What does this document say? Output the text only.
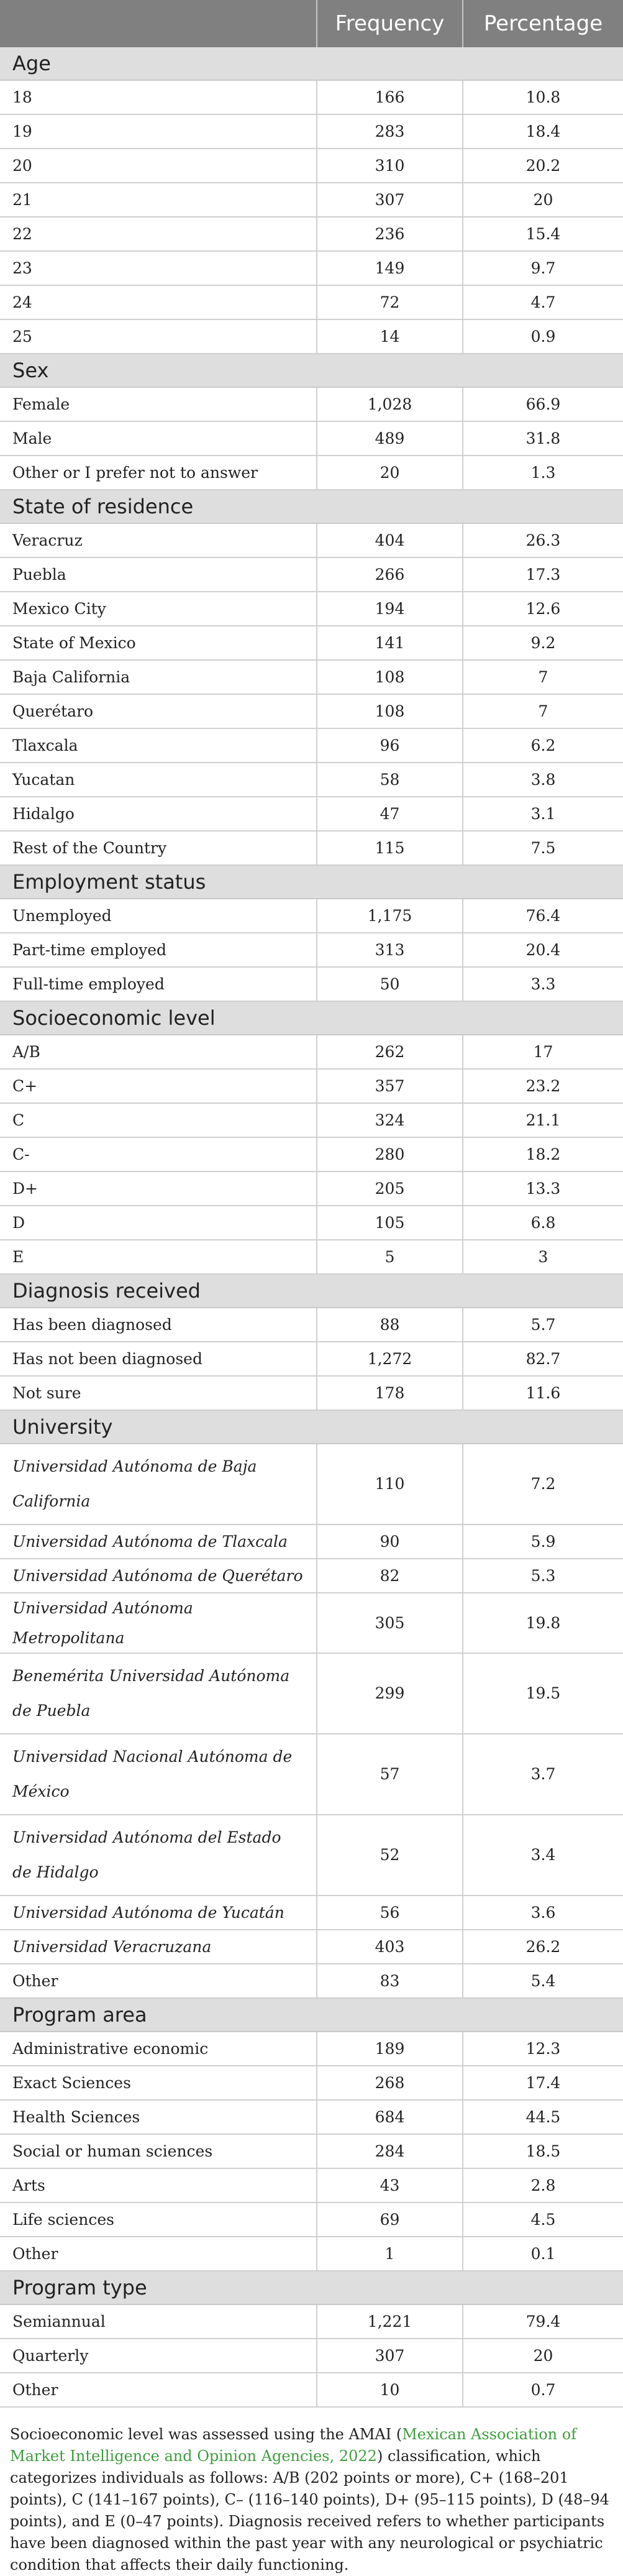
	Frequency	Percentage
Age		
18	166	10.8
19	283	18.4
20	310	20.2
21	307	20
22	236	15.4
23	149	9.7
24	72	4.7
25	14	0.9
Sex		
Female	1,028	66.9
Male	489	31.8
Other or I prefer not to answer	20	1.3
State of residence		
Veracruz	404	26.3
Puebla	266	17.3
Mexico City	194	12.6
State of Mexico	141	9.2
Baja California	108	7
Querétaro	108	7
Tlaxcala	96	6.2
Yucatan	58	3.8
Hidalgo	47	3.1
Rest of the Country	115	7.5
Employment status		
Unemployed	1,175	76.4
Part-time employed	313	20.4
Full-time employed	50	3.3
Socioeconomic level		
A/B	262	17
C+	357	23.2
C	324	21.1
C-	280	18.2
D+	205	13.3
D	105	6.8
E	5	3
Diagnosis received		
Has been diagnosed	88	5.7
Has not been diagnosed	1,272	82.7
Not sure	178	11.6
University		
Universidad Autónoma de Baja California	110	7.2
Universidad Autónoma de Tlaxcala	90	5.9
Universidad Autónoma de Querétaro	82	5.3
Universidad Autónoma Metropolitana	305	19.8
Benemérita Universidad Autónoma de Puebla	299	19.5
Universidad Nacional Autónoma de México	57	3.7
Universidad Autónoma del Estado de Hidalgo	52	3.4
Universidad Autónoma de Yucatán	56	3.6
Universidad Veracruzana	403	26.2
Other	83	5.4
Program area		
Administrative economic	189	12.3
Exact Sciences	268	17.4
Health Sciences	684	44.5
Social or human sciences	284	18.5
Arts	43	2.8
Life sciences	69	4.5
Other	1	0.1
Program type		
Semiannual	1,221	79.4
Quarterly	307	20
Other	10	0.7
Socioeconomic level was assessed using the AMAI (Mexican Association of Market Intelligence and Opinion Agencies, 2022) classification, which categorizes individuals as follows: A/B (202 points or more), C+ (168–201 points), C (141–167 points), C– (116–140 points), D+ (95–115 points), D (48–94 points), and E (0–47 points). Diagnosis received refers to whether participants have been diagnosed within the past year with any neurological or psychiatric condition that affects their daily functioning.
